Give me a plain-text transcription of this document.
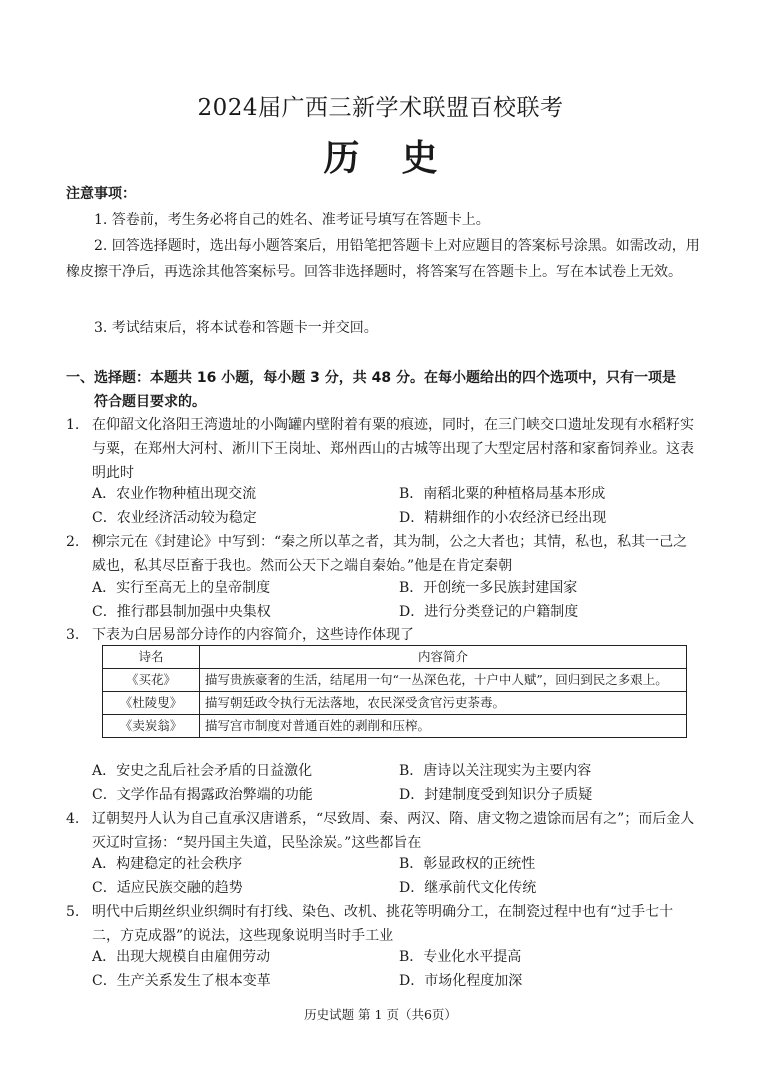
2024届广西三新学术联盟百校联考
历史
注意事项：
1. 答卷前，考生务必将自己的姓名、准考证号填写在答题卡上。
2. 回答选择题时，选出每小题答案后，用铅笔把答题卡上对应题目的答案标号涂黑。如需改动，用橡皮擦干净后，再选涂其他答案标号。回答非选择题时，将答案写在答题卡上。写在本试卷上无效。
3. 考试结束后，将本试卷和答题卡一并交回。
一、选择题：本题共 16 小题，每小题 3 分，共 48 分。在每小题给出的四个选项中，只有一项是
符合题目要求的。
1. 在仰韶文化洛阳王湾遗址的小陶罐内壁附着有粟的痕迹，同时，在三门峡交口遗址发现有水稻籽实与粟，在郑州大河村、淅川下王岗址、郑州西山的古城等出现了大型定居村落和家畜饲养业。这表明此时
A．农业作物种植出现交流	B．南稻北粟的种植格局基本形成
C．农业经济活动较为稳定	D．精耕细作的小农经济已经出现
2. 柳宗元在《封建论》中写到：“秦之所以革之者，其为制，公之大者也；其情，私也，私其一己之威也，私其尽臣畜于我也。然而公天下之端自秦始。”他是在肯定秦朝
A．实行至高无上的皇帝制度	B．开创统一多民族封建国家
C．推行郡县制加强中央集权	D．进行分类登记的户籍制度
3. 下表为白居易部分诗作的内容简介，这些诗作体现了
诗名	内容简介
《买花》	描写贵族豪奢的生活，结尾用一句“一丛深色花，十户中人赋”，回归到民之多艰上。
《杜陵叟》	描写朝廷政令执行无法落地，农民深受贪官污吏荼毒。
《卖炭翁》	描写宫市制度对普通百姓的剥削和压榨。
A．安史之乱后社会矛盾的日益激化	B．唐诗以关注现实为主要内容
C．文学作品有揭露政治弊端的功能	D．封建制度受到知识分子质疑
4. 辽朝契丹人认为自己直承汉唐谱系，“尽致周、秦、两汉、隋、唐文物之遗馀而居有之”；而后金人灭辽时宣扬：“契丹国主失道，民坠涂炭。”这些都旨在
A．构建稳定的社会秩序	B．彰显政权的正统性
C．适应民族交融的趋势	D．继承前代文化传统
5. 明代中后期丝织业织绸时有打线、染色、改机、挑花等明确分工，在制瓷过程中也有“过手七十二，方克成器”的说法，这些现象说明当时手工业
A．出现大规模自由雇佣劳动	B．专业化水平提高
C．生产关系发生了根本变革	D．市场化程度加深
历史试题 第 1 页（共6页）
